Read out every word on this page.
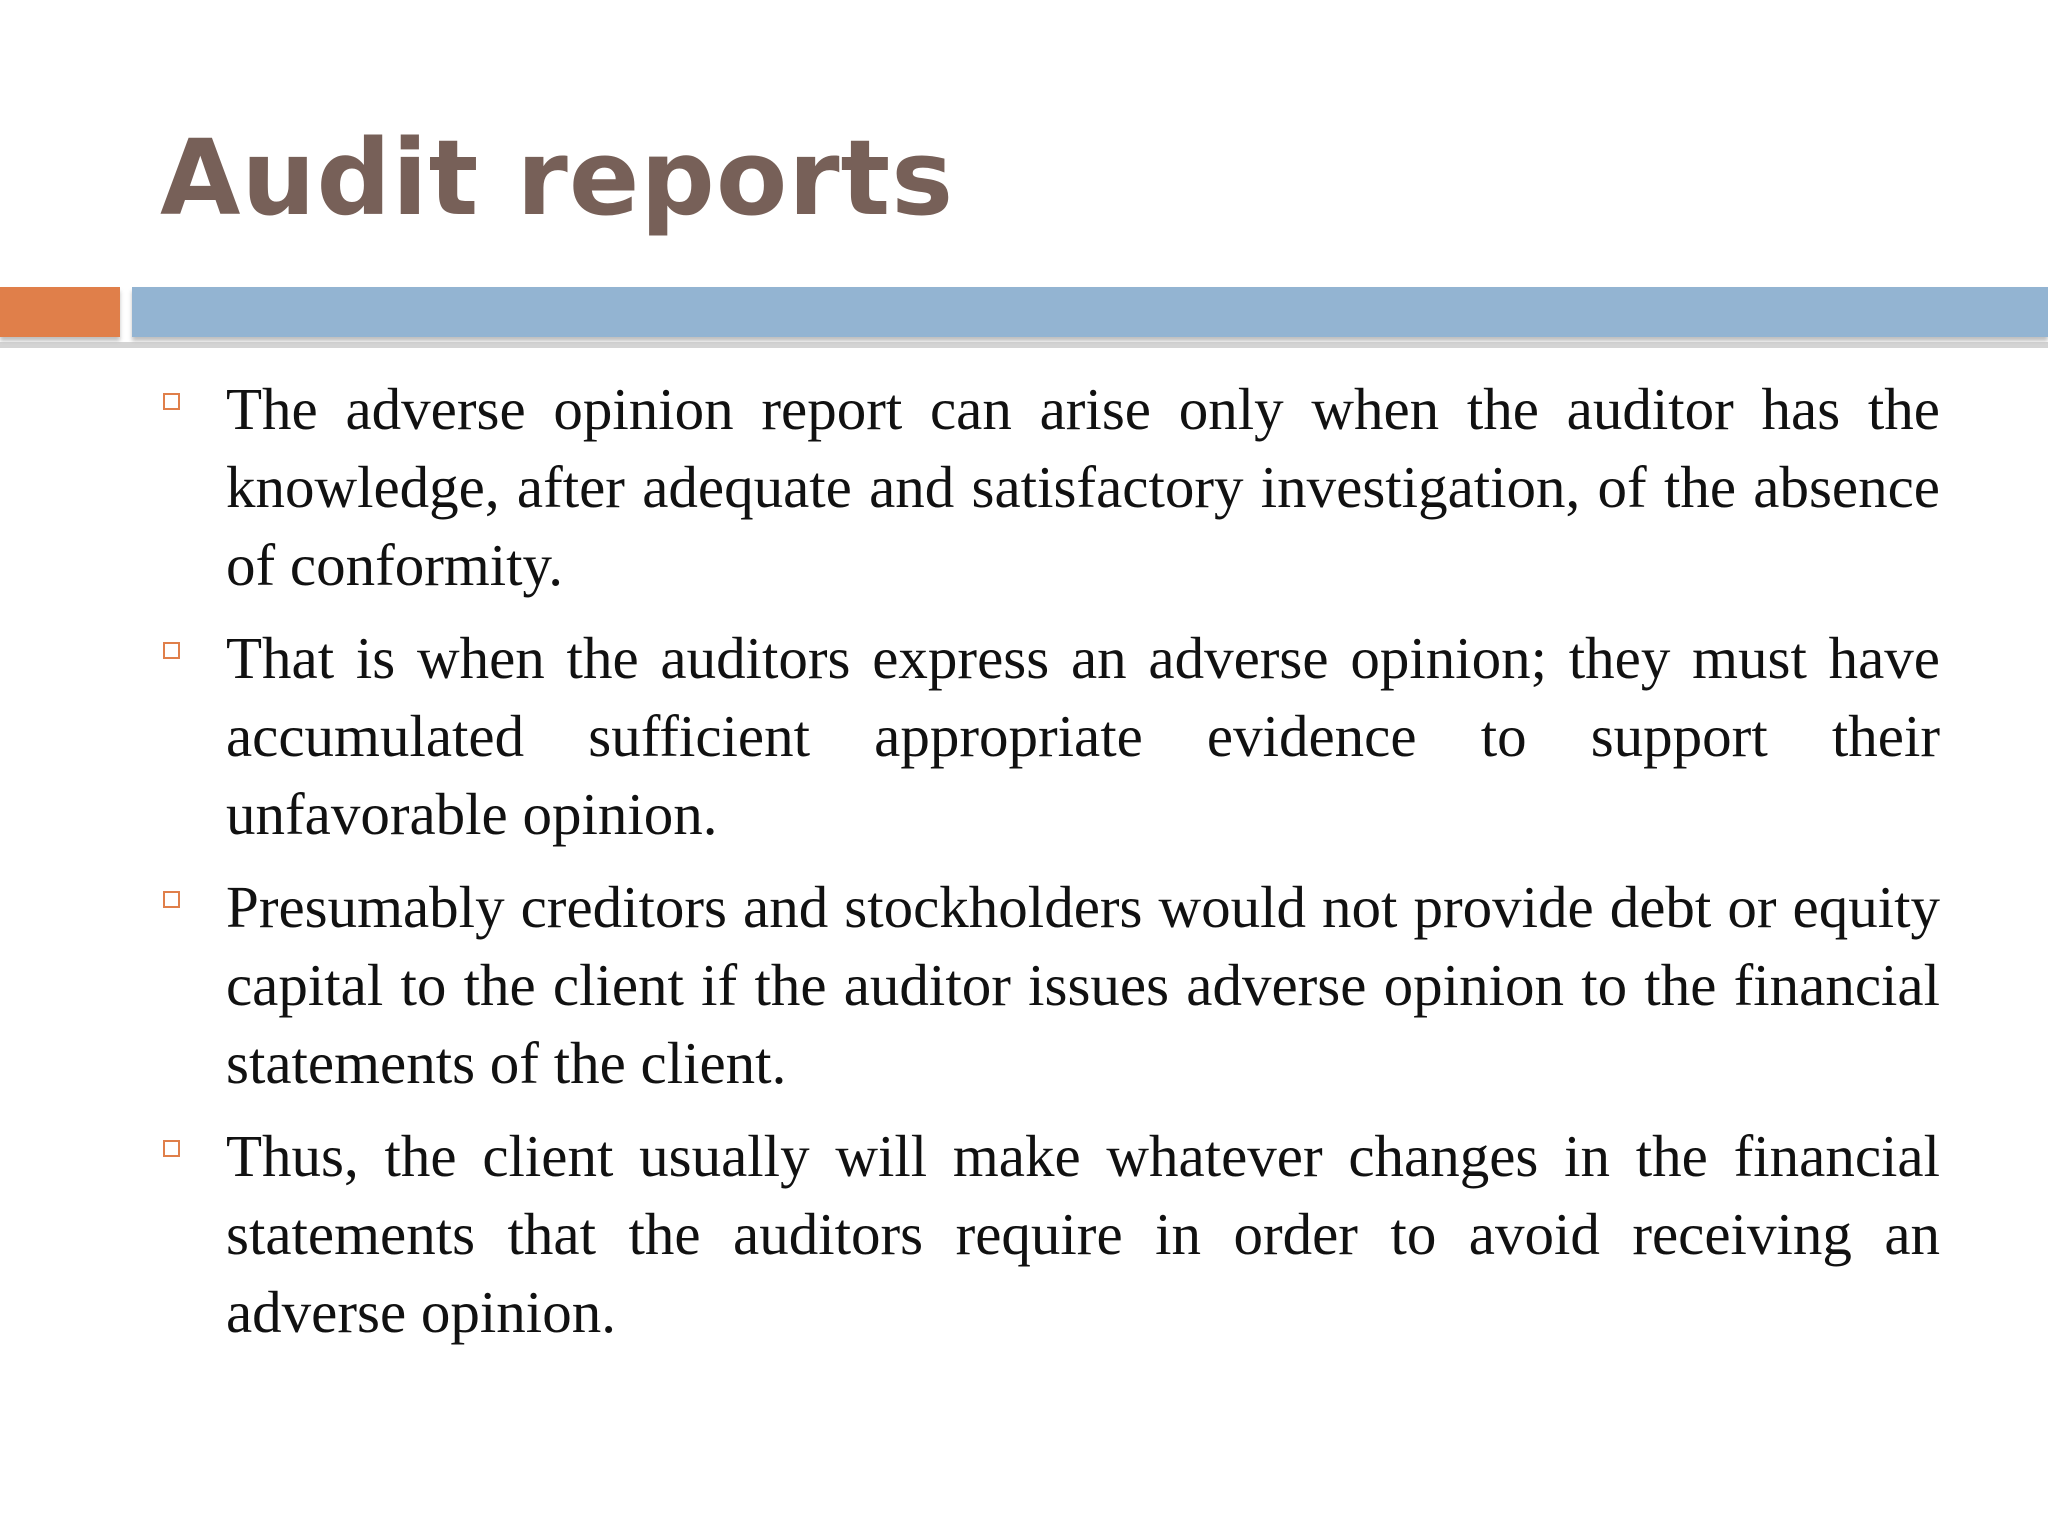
Audit reports
The adverse opinion report can arise only when the auditor has the knowledge, after adequate and satisfactory investigation, of the absence of conformity.
That is when the auditors express an adverse opinion; they must have accumulated sufficient appropriate evidence to support their unfavorable opinion.
Presumably creditors and stockholders would not provide debt or equity capital to the client if the auditor issues adverse opinion to the financial statements of the client.
Thus, the client usually will make whatever changes in the financial statements that the auditors require in order to avoid receiving an adverse opinion.
